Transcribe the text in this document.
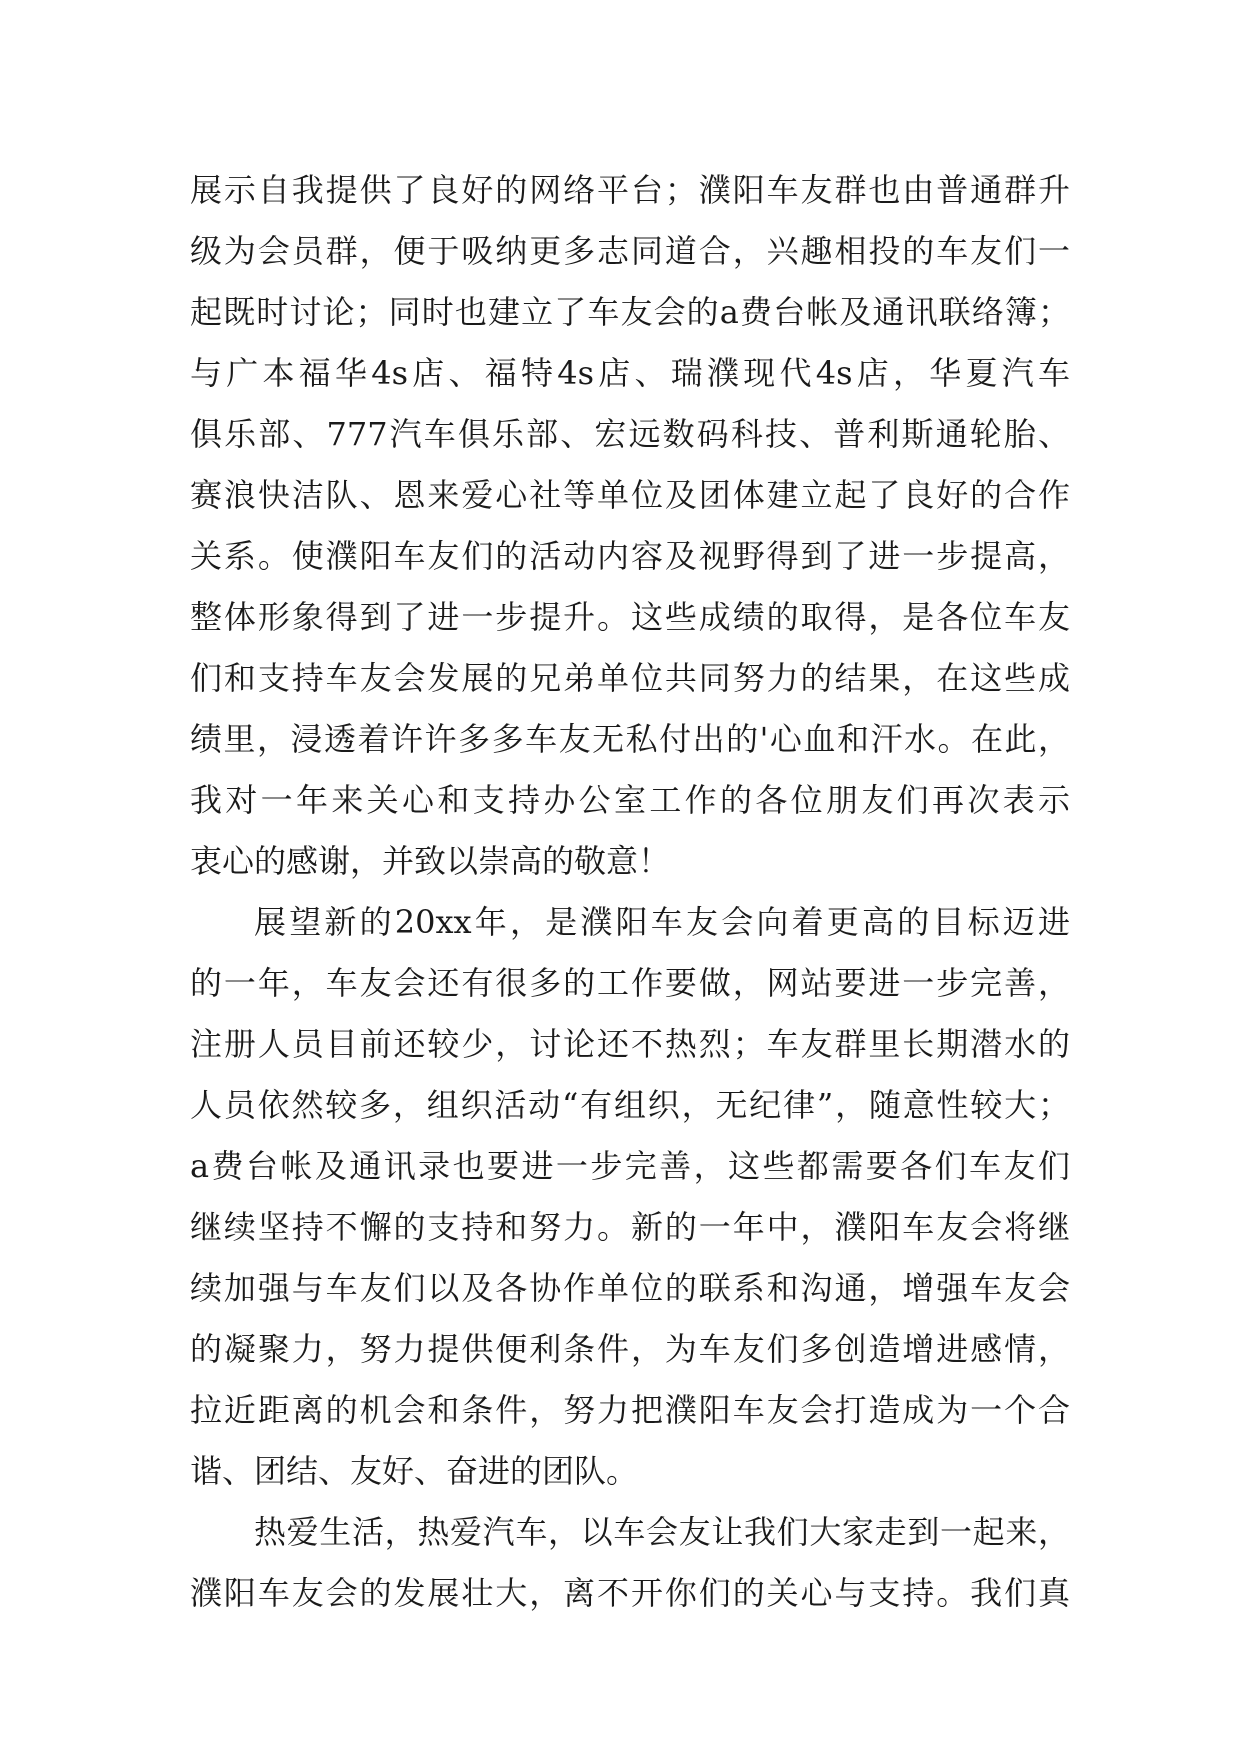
展示自我提供了良好的网络平台；濮阳车友群也由普通群升
级为会员群，便于吸纳更多志同道合，兴趣相投的车友们一
起既时讨论；同时也建立了车友会的a费台帐及通讯联络簿；
与广本福华4s店、福特4s店、瑞濮现代4s店，华夏汽车
俱乐部、777汽车俱乐部、宏远数码科技、普利斯通轮胎、
赛浪快洁队、恩来爱心社等单位及团体建立起了良好的合作
关系。使濮阳车友们的活动内容及视野得到了进一步提高，
整体形象得到了进一步提升。这些成绩的取得，是各位车友
们和支持车友会发展的兄弟单位共同努力的结果，在这些成
绩里，浸透着许许多多车友无私付出的'心血和汗水。在此，
我对一年来关心和支持办公室工作的各位朋友们再次表示
衷心的感谢，并致以崇高的敬意！
展望新的20xx年，是濮阳车友会向着更高的目标迈进
的一年，车友会还有很多的工作要做，网站要进一步完善，
注册人员目前还较少，讨论还不热烈；车友群里长期潜水的
人员依然较多，组织活动“有组织，无纪律”，随意性较大；
a费台帐及通讯录也要进一步完善，这些都需要各们车友们
继续坚持不懈的支持和努力。新的一年中，濮阳车友会将继
续加强与车友们以及各协作单位的联系和沟通，增强车友会
的凝聚力，努力提供便利条件，为车友们多创造增进感情，
拉近距离的机会和条件，努力把濮阳车友会打造成为一个合
谐、团结、友好、奋进的团队。
热爱生活，热爱汽车，以车会友让我们大家走到一起来，
濮阳车友会的发展壮大，离不开你们的关心与支持。我们真
